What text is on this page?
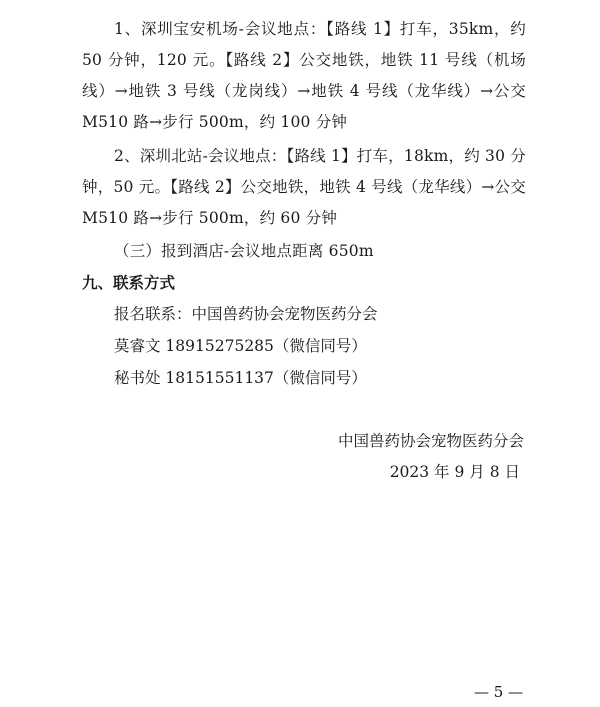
1、深圳宝安机场-会议地点：【路线 1】打车，35km，约 50 分钟，120 元。【路线 2】公交地铁，地铁 11 号线（机场线）→地铁 3 号线（龙岗线）→地铁 4 号线（龙华线）→公交 M510 路→步行 500m，约 100 分钟
2、深圳北站-会议地点：【路线 1】打车，18km，约 30 分钟，50 元。【路线 2】公交地铁，地铁 4 号线（龙华线）→公交 M510 路→步行 500m，约 60 分钟
（三）报到酒店-会议地点距离 650m
九、联系方式
报名联系：中国兽药协会宠物医药分会
莫睿文 18915275285（微信同号）
秘书处 18151551137（微信同号）
中国兽药协会宠物医药分会
2023 年 9 月 8 日
— 5 —
